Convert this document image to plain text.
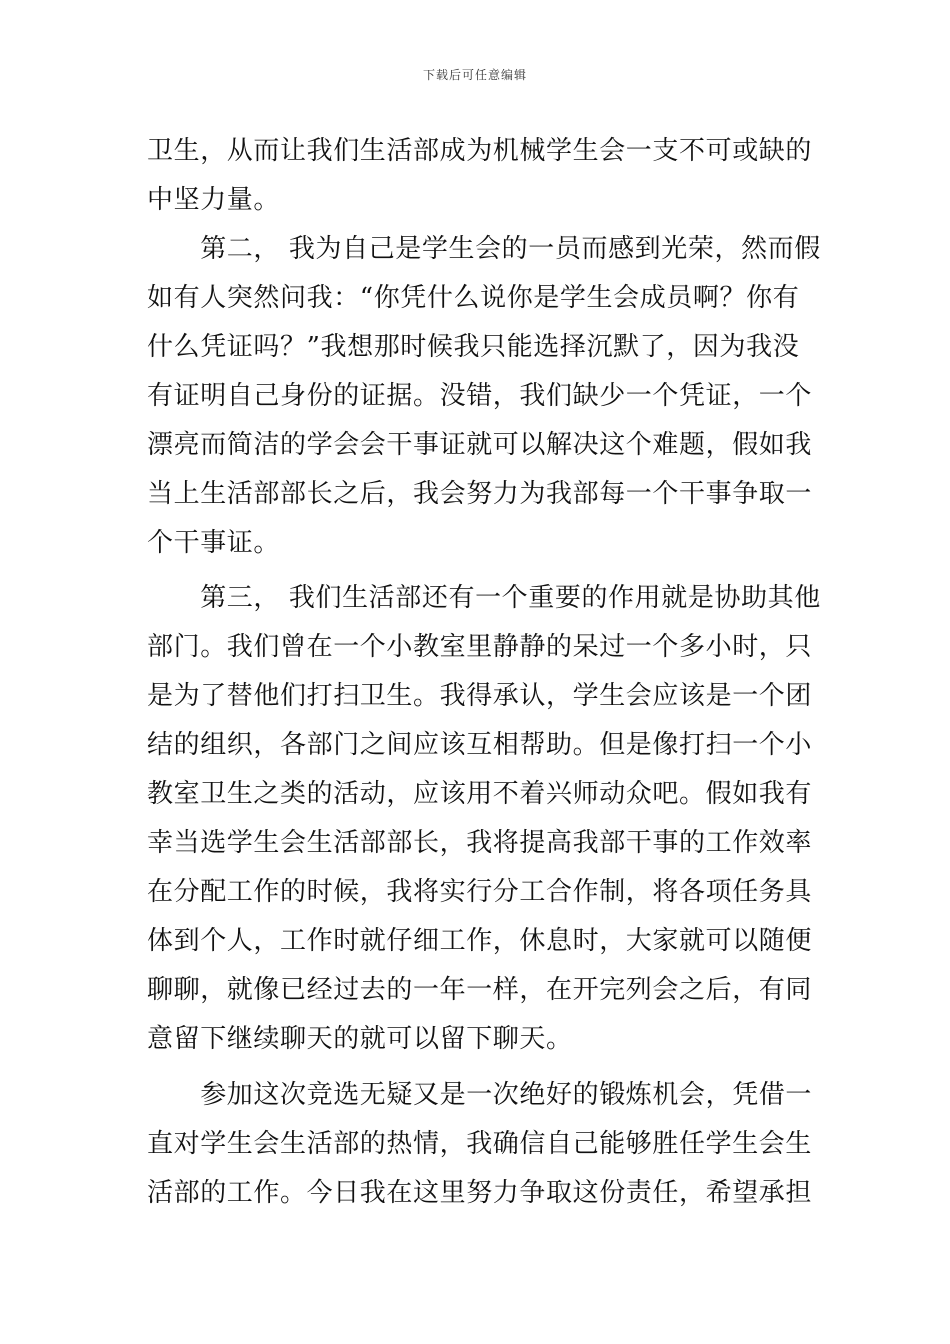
下载后可任意编辑
卫生，从而让我们生活部成为机械学生会一支不可或缺的
中坚力量。
　　第二， 我为自己是学生会的一员而感到光荣，然而假
如有人突然问我：“你凭什么说你是学生会成员啊？你有
什么凭证吗？”我想那时候我只能选择沉默了，因为我没
有证明自己身份的证据。没错，我们缺少一个凭证，一个
漂亮而简洁的学会会干事证就可以解决这个难题，假如我
当上生活部部长之后，我会努力为我部每一个干事争取一
个干事证。
　　第三， 我们生活部还有一个重要的作用就是协助其他
部门。我们曾在一个小教室里静静的呆过一个多小时，只
是为了替他们打扫卫生。我得承认，学生会应该是一个团
结的组织，各部门之间应该互相帮助。但是像打扫一个小
教室卫生之类的活动，应该用不着兴师动众吧。假如我有
幸当选学生会生活部部长，我将提高我部干事的工作效率
在分配工作的时候，我将实行分工合作制，将各项任务具
体到个人，工作时就仔细工作，休息时，大家就可以随便
聊聊，就像已经过去的一年一样，在开完列会之后，有同
意留下继续聊天的就可以留下聊天。
　　参加这次竞选无疑又是一次绝好的锻炼机会，凭借一
直对学生会生活部的热情，我确信自己能够胜任学生会生
活部的工作。今日我在这里努力争取这份责任，希望承担
